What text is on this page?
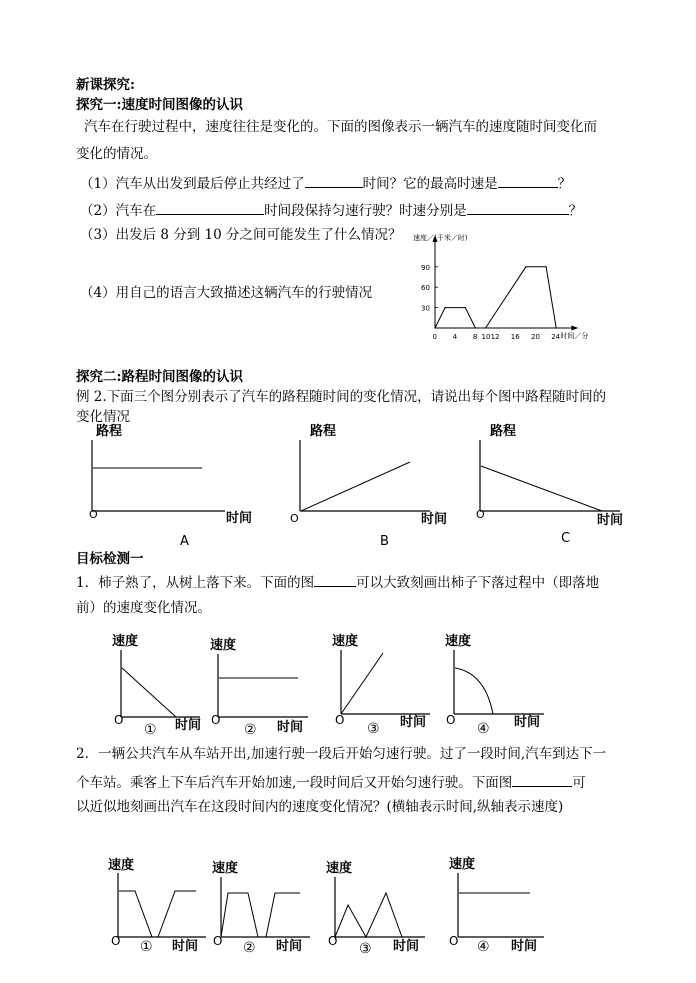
新课探究:
探究一:速度时间图像的认识
汽车在行驶过程中，速度往往是变化的。下面的图像表示一辆汽车的速度随时间变化而
变化的情况。
（1）汽车从出发到最后停止共经过了	时间？它的最高时速是	？
（2）汽车在	时间段保持匀速行驶？时速分别是	？
（3）出发后 8 分到 10 分之间可能发生了什么情况？
（4）用自己的语言大致描述这辆汽车的行驶情况
速度／(千米／时)
时间／分
30
60
90
0 4 8 12 16 20 24
10
探究二:路程时间图像的认识
例 2.下面三个图分别表示了汽车的路程随时间的变化情况，请说出每个图中路程随时间的
变化情况
路程
O	时间
A
路程
O	时间
B
路程
O	时间
C
目标检测一
1．柿子熟了，从树上落下来。下面的图	可以大致刻画出柿子下落过程中（即落地
前）的速度变化情况。
速度
O
① 时间
速度
O
② 时间
速度
O
③ 时间
速度
O
④ 时间
2．一辆公共汽车从车站开出,加速行驶一段后开始匀速行驶。过了一段时间,汽车到达下一
个车站。乘客上下车后汽车开始加速,一段时间后又开始匀速行驶。下面图	可
以近似地刻画出汽车在这段时间内的速度变化情况？(横轴表示时间,纵轴表示速度)
速度
O ① 时间
速度
O ② 时间
速度
O ③ 时间
速度
O ④ 时间
